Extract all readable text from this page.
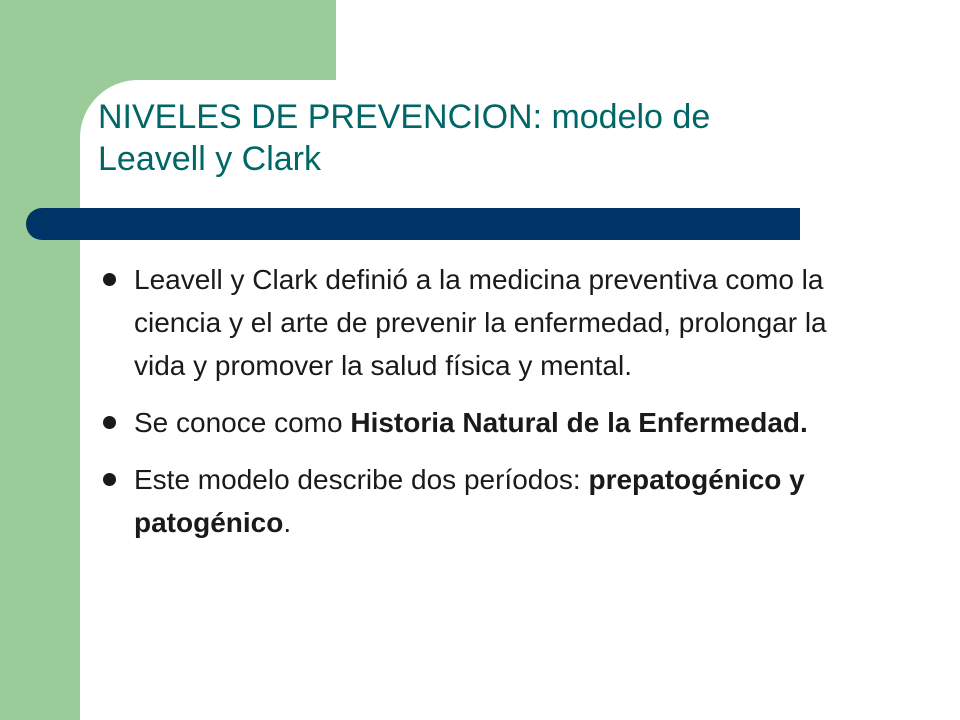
NIVELES DE PREVENCION: modelo de
Leavell y Clark
Leavell y Clark definió a la medicina preventiva como la ciencia y el arte de prevenir la enfermedad, prolongar la vida y promover la salud física y mental.
Se conoce como Historia Natural de la Enfermedad.
Este modelo describe dos períodos: prepatogénico y patogénico.
